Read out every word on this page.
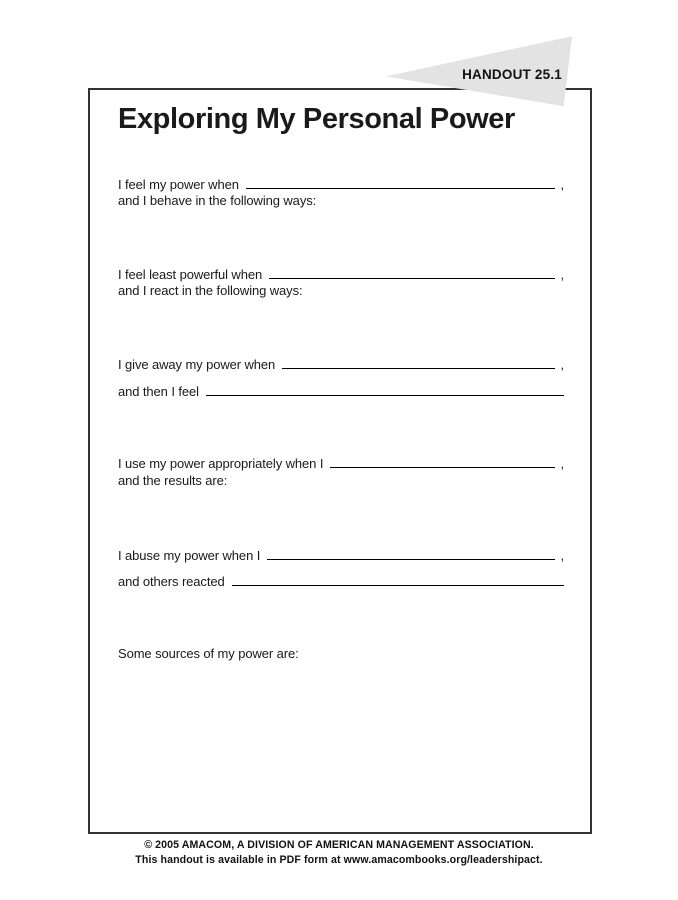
HANDOUT 25.1
Exploring My Personal Power
I feel my power when	,
and I behave in the following ways:
I feel least powerful when	,
and I react in the following ways:
I give away my power when	,
and then I feel
I use my power appropriately when I	,
and the results are:
I abuse my power when I	,
and others reacted
Some sources of my power are:
© 2005 AMACOM, A DIVISION OF AMERICAN MANAGEMENT ASSOCIATION.
This handout is available in PDF form at www.amacombooks.org/leadershipact.
